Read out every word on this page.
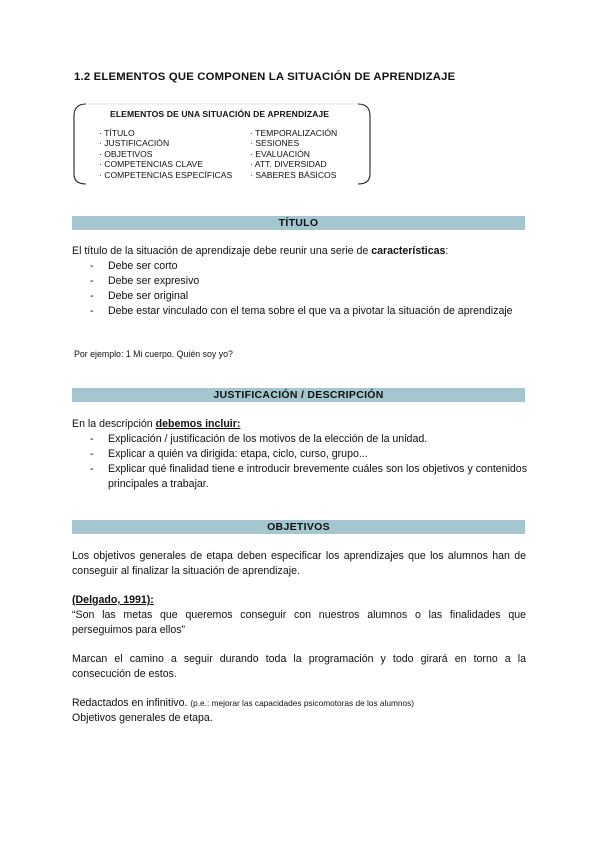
1.2 ELEMENTOS QUE COMPONEN LA SITUACIÓN DE APRENDIZAJE
ELEMENTOS DE UNA SITUACIÓN DE APRENDIZAJE
· TÍTULO
· JUSTIFICACIÓN
· OBJETIVOS
· COMPETENCIAS CLAVE
· COMPETENCIAS ESPECÍFICAS
· TEMPORALIZACIÓN
· SESIONES
· EVALUACIÓN
· ATT. DIVERSIDAD
· SABERES BÁSICOS
TÍTULO
El título de la situación de aprendizaje debe reunir una serie de características:
- Debe ser corto
- Debe ser expresivo
- Debe ser original
- Debe estar vinculado con el tema sobre el que va a pivotar la situación de aprendizaje
Por ejemplo: 1 Mi cuerpo. Quién soy yo?
JUSTIFICACIÓN / DESCRIPCIÓN
En la descripción debemos incluir:
- Explicación / justificación de los motivos de la elección de la unidad.
- Explicar a quién va dirigida: etapa, ciclo, curso, grupo...
- Explicar qué finalidad tiene e introducir brevemente cuáles son los objetivos y contenidos principales a trabajar.
OBJETIVOS
Los objetivos generales de etapa deben especificar los aprendizajes que los alumnos han de conseguir al finalizar la situación de aprendizaje.
(Delgado, 1991):
“Son las metas que queremos conseguir con nuestros alumnos o las finalidades que perseguimos para ellos”
Marcan el camino a seguir durando toda la programación y todo girará en torno a la consecución de estos.
Redactados en infinitivo. (p.e.: mejorar las capacidades psicomotoras de los alumnos)
Objetivos generales de etapa.
